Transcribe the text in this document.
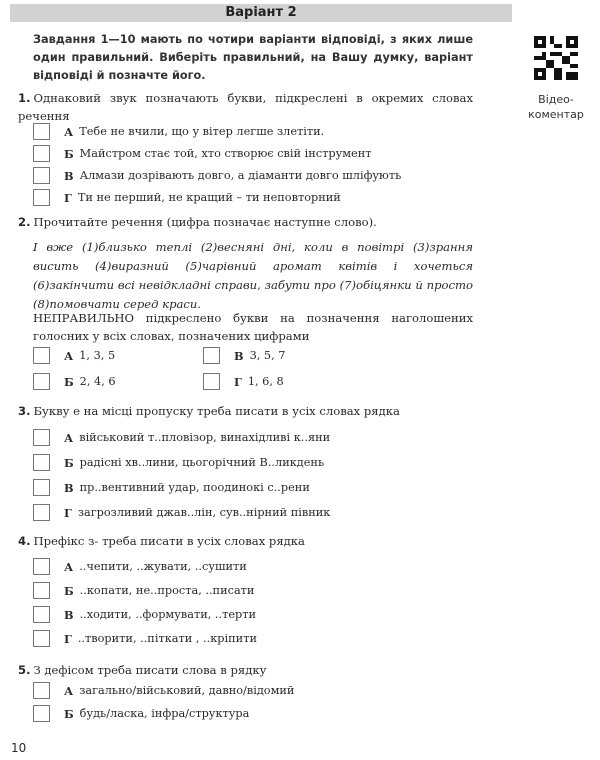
Варіант 2
Завдання 1—10 мають по чотири варіанти відповіді, з яких лише один правильний. Виберіть правильний, на Вашу думку, варіант відповіді й позначте його.
Відео-коментар
1. Однаковий звук позначають букви, підкреслені в окремих словах речення
А Тебе не вчили, що у вітер легше злетіти.
Б Майстром стає той, хто створює свій інструмент
В Алмази дозрівають довго, а діаманти довго шліфують
Г Ти не перший, не кращий – ти неповторний
2. Прочитайте речення (цифра позначає наступне слово).
І вже (1)близько теплі (2)весняні дні, коли в повітрі (3)зрання висить (4)виразний (5)чарівний аромат квітів і хочеться (6)закінчити всі невідкладні справи, забути про (7)обіцянки й просто (8)помовчати серед краси.
НЕПРАВИЛЬНО підкреслено букви на позначення наголошених голосних у всіх словах, позначених цифрами
А 1, 3, 5
Б 2, 4, 6
В 3, 5, 7
Г 1, 6, 8
3. Букву е на місці пропуску треба писати в усіх словах рядка
А військовий т..пловізор, винахідливі к..яни
Б радісні хв..лини, цьогорічний В..ликдень
В пр..вентивний удар, поодинокі с..рени
Г загрозливий джав..лін, сув..нірний півник
4. Префікс з- треба писати в усіх словах рядка
А ..чепити, ..жувати, ..сушити
Б ..копати, не..проста, ..писати
В ..ходити, ..формувати, ..терти
Г ..творити, ..піткати , ..кріпити
5. З дефісом треба писати слова в рядку
А загально/військовий, давно/відомий
Б будь/ласка, інфра/структура
10
